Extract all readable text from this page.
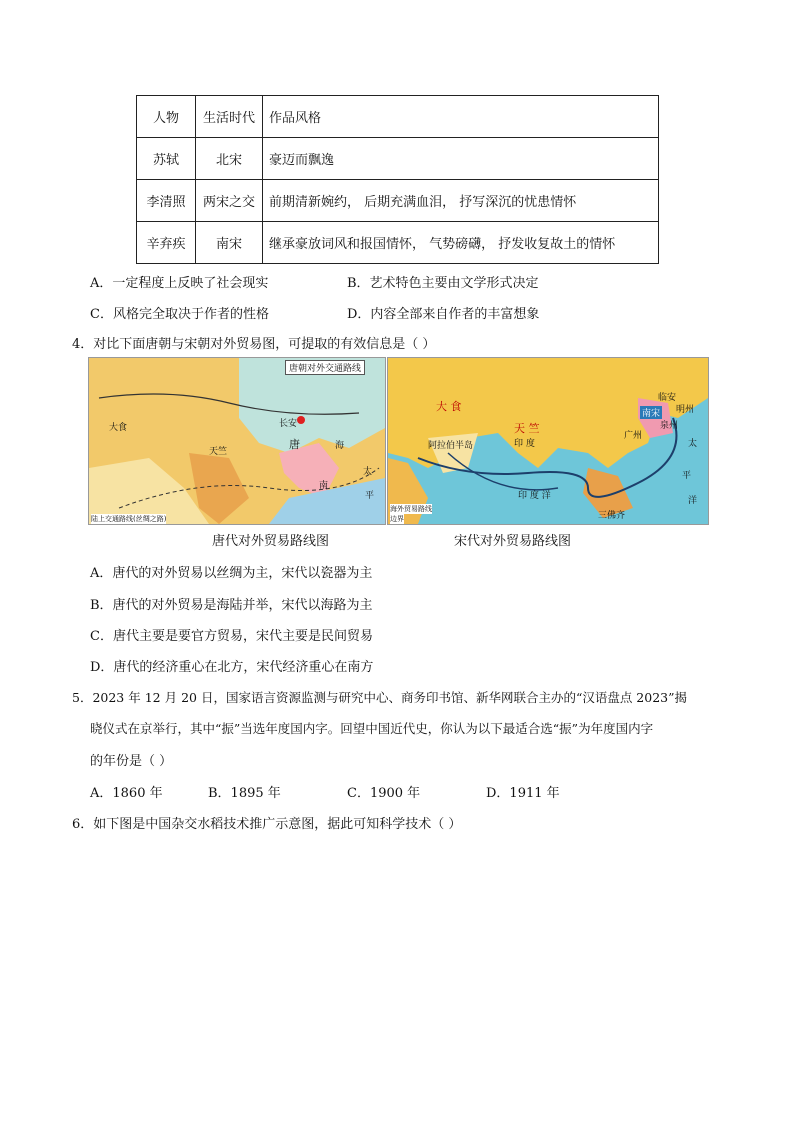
人物	生活时代	作品风格
苏轼	北宋	豪迈而飘逸
李清照	两宋之交	前期清新婉约， 后期充满血泪， 抒写深沉的忧患情怀
辛弃疾	南宋	继承豪放词风和报国情怀， 气势磅礴， 抒发收复故土的情怀
A．一定程度上反映了社会现实	B．艺术特色主要由文学形式决定
C．风格完全取决于作者的性格	D．内容全部来自作者的丰富想象
4．对比下面唐朝与宋朝对外贸易图，可提取的有效信息是（ ）
唐朝对外交通路线
唐
长安
天竺
大食
太
平
海
南
陆上交通路线(丝绸之路)
大 食
天 竺
印 度
印 度 洋
南宋
临安
明州
泉州
广州
阿拉伯半岛	太
平
洋
三佛齐
海外贸易路线
边界
唐代对外贸易路线图	宋代对外贸易路线图
A．唐代的对外贸易以丝绸为主，宋代以瓷器为主
B．唐代的对外贸易是海陆并举，宋代以海路为主
C．唐代主要是要官方贸易，宋代主要是民间贸易
D．唐代的经济重心在北方，宋代经济重心在南方
5．2023 年 12 月 20 日，国家语言资源监测与研究中心、商务印书馆、新华网联合主办的“汉语盘点 2023”揭
晓仪式在京举行，其中“振”当选年度国内字。回望中国近代史，你认为以下最适合选“振”为年度国内字
的年份是（ ）
A．1860 年	B．1895 年	C．1900 年	D．1911 年
6．如下图是中国杂交水稻技术推广示意图，据此可知科学技术（ ）
